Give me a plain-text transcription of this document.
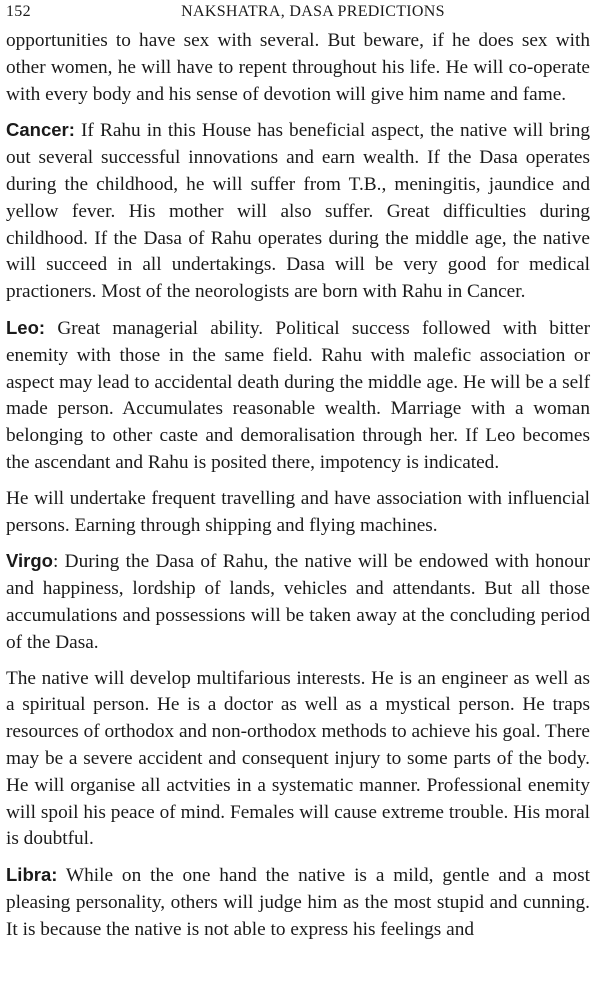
152	NAKSHATRA, DASA PREDICTIONS

opportunities to have sex with several. But beware, if he does sex with other women, he will have to repent throughout his life. He will co-operate with every body and his sense of devotion will give him name and fame.

Cancer: If Rahu in this House has beneficial aspect, the native will bring out several successful innovations and earn wealth. If the Dasa operates during the childhood, he will suffer from T.B., meningitis, jaundice and yellow fever. His mother will also suffer. Great difficulties during childhood. If the Dasa of Rahu operates during the middle age, the native will succeed in all undertakings. Dasa will be very good for medical practioners. Most of the neorologists are born with Rahu in Cancer.

Leo: Great managerial ability. Political success followed with bitter enemity with those in the same field. Rahu with malefic association or aspect may lead to accidental death during the middle age. He will be a self made person. Accumulates reasonable wealth. Marriage with a woman belonging to other caste and demoralisation through her. If Leo becomes the ascendant and Rahu is posited there, impotency is indicated.

He will undertake frequent travelling and have association with influencial persons. Earning through shipping and flying machines.

Virgo: During the Dasa of Rahu, the native will be endowed with honour and happiness, lordship of lands, vehicles and attendants. But all those accumulations and possessions will be taken away at the concluding period of the Dasa.

The native will develop multifarious interests. He is an engineer as well as a spiritual person. He is a doctor as well as a mystical person. He traps resources of orthodox and non-orthodox methods to achieve his goal. There may be a severe accident and consequent injury to some parts of the body. He will organise all actvities in a systematic manner. Professional enemity will spoil his peace of mind. Females will cause extreme trouble. His moral is doubtful.

Libra: While on the one hand the native is a mild, gentle and a most pleasing personality, others will judge him as the most stupid and cunning. It is because the native is not able to express his feelings and
